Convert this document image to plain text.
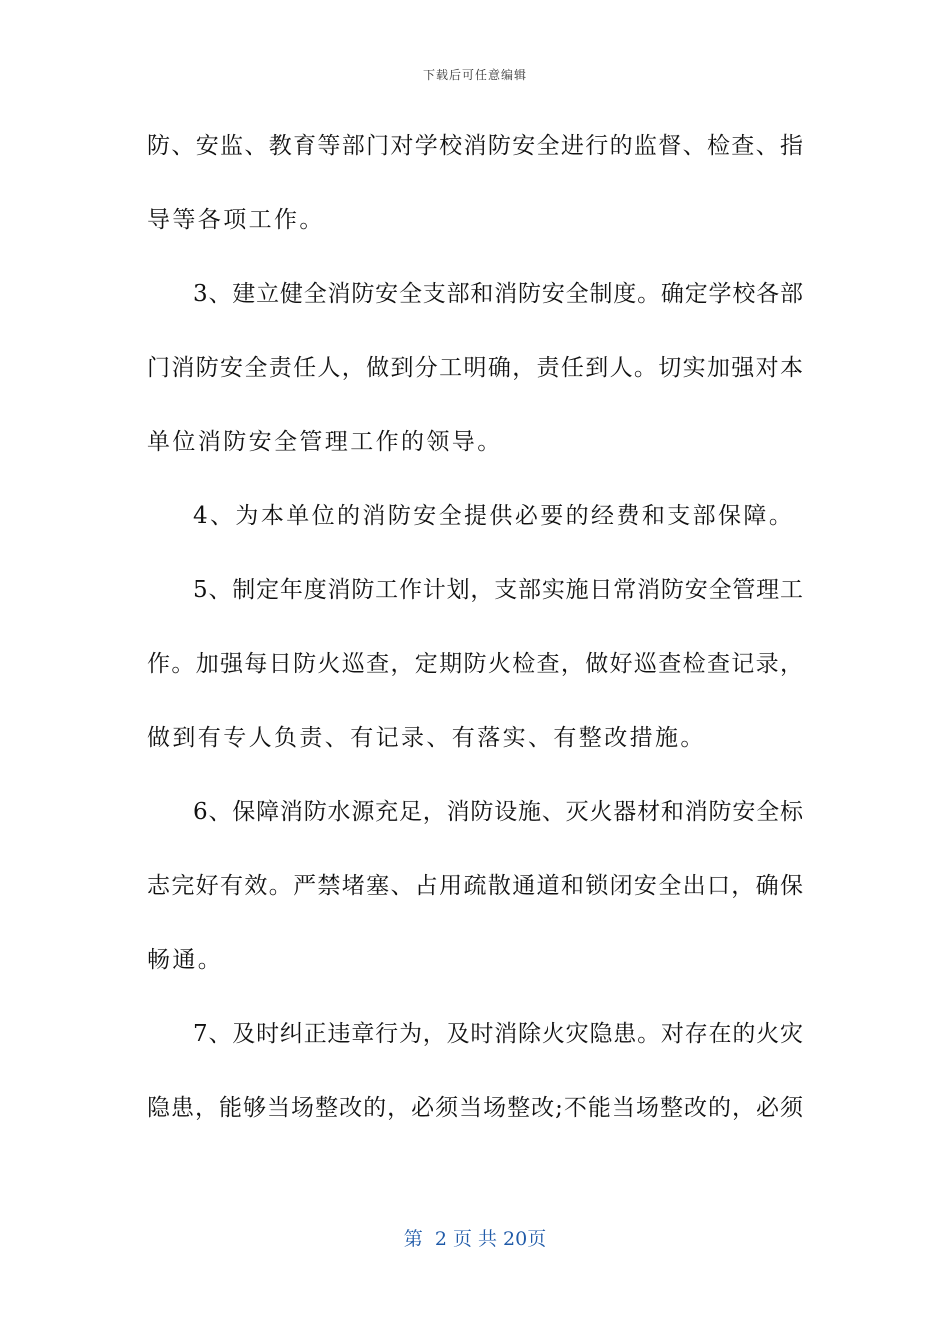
下载后可任意编辑
防、安监、教育等部门对学校消防安全进行的监督、检查、指
导等各项工作。
3、建立健全消防安全支部和消防安全制度。确定学校各部
门消防安全责任人，做到分工明确，责任到人。切实加强对本
单位消防安全管理工作的领导。
4、为本单位的消防安全提供必要的经费和支部保障。
5、制定年度消防工作计划，支部实施日常消防安全管理工
作。加强每日防火巡查，定期防火检查，做好巡查检查记录，
做到有专人负责、有记录、有落实、有整改措施。
6、保障消防水源充足，消防设施、灭火器材和消防安全标
志完好有效。严禁堵塞、占用疏散通道和锁闭安全出口，确保
畅通。
7、及时纠正违章行为，及时消除火灾隐患。对存在的火灾
隐患，能够当场整改的，必须当场整改;不能当场整改的，必须
第  2 页 共 20页
